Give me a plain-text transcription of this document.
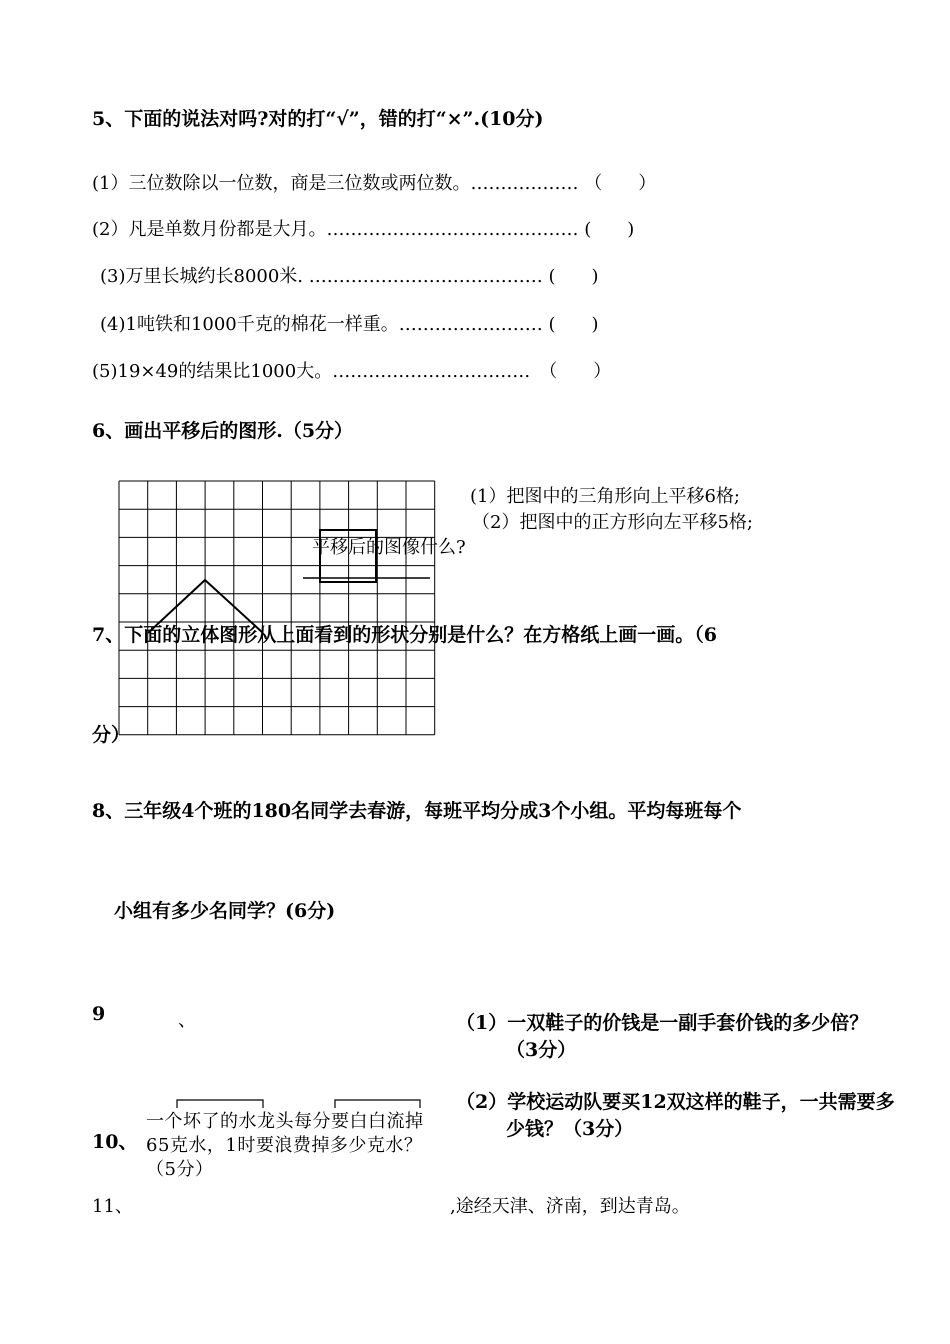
5、下面的说法对吗?对的打“√”，错的打“×”.(10分)
(1）三位数除以一位数，商是三位数或两位数。……………… （　　）
(2）凡是单数月份都是大月。…………………………………… (　　)
(3)万里长城约长8000米. ………………………………… (　　)
(4)1吨铁和1000千克的棉花一样重。…………………… (　　)
(5)19×49的结果比1000大。……………………………　（　　）
6、画出平移后的图形.（5分）
(1）把图中的三角形向上平移6格;
（2）把图中的正方形向左平移5格;
平移后的图像什么?
7、下面的立体图形从上面看到的形状分别是什么？在方格纸上画一画。（6
分）
8、三年级4个班的180名同学去春游，每班平均分成3个小组。平均每班每个
小组有多少名同学？(6分)
9	、	（1）一双鞋子的价钱是一副手套价钱的多少倍？（3分）
（2）学校运动队要买12双这样的鞋子，一共需要多少钱？（3分）
10、
一个坏了的水龙头每分要白白流掉65克水，1时要浪费掉多少克水？（5分）
11、	,途经天津、济南，到达青岛。
